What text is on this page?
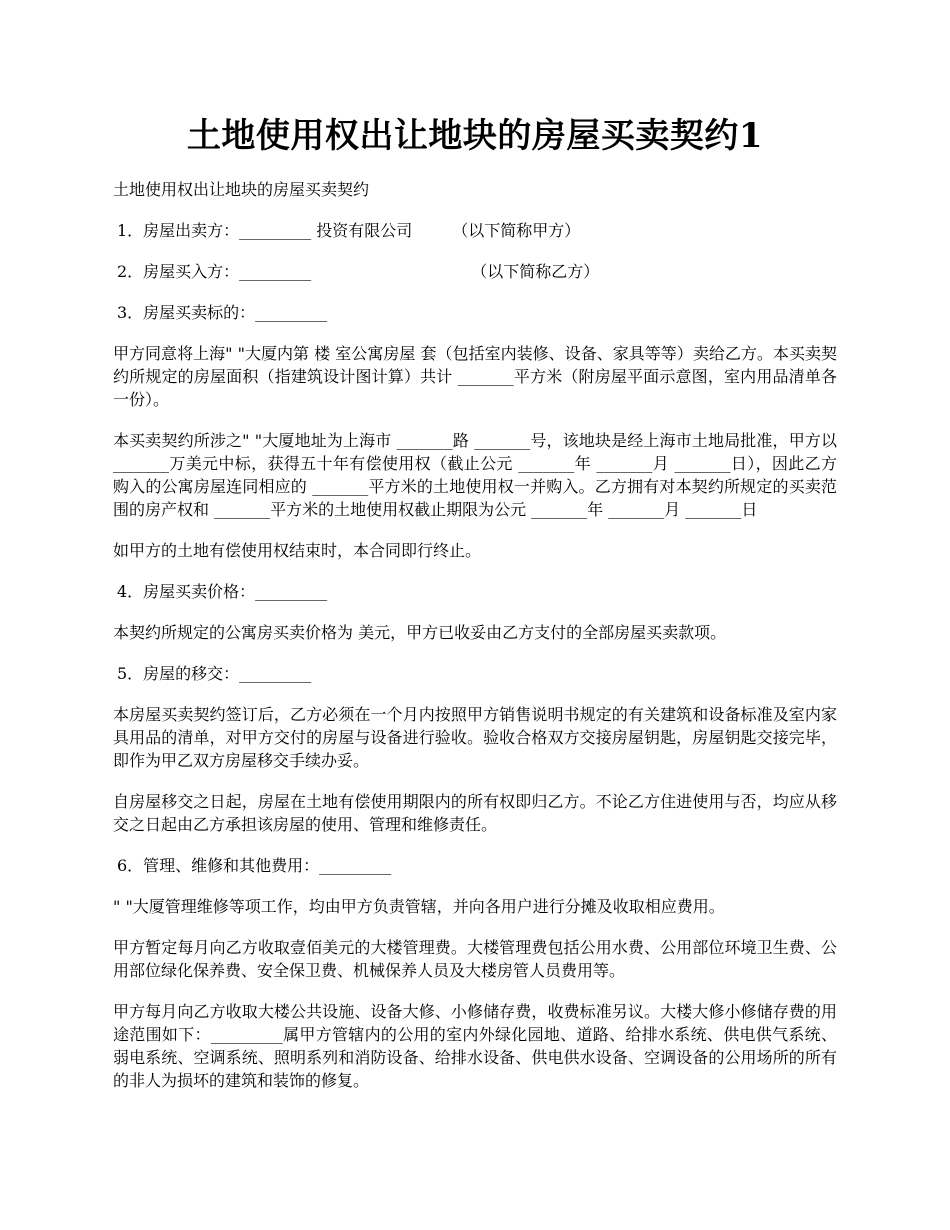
土地使用权出让地块的房屋买卖契约1

土地使用权出让地块的房屋买卖契约

1．房屋出卖方：_________ 投资有限公司	（以下简称甲方）

2．房屋买入方：_________	（以下简称乙方）

3．房屋买卖标的：_________

甲方同意将上海" "大厦内第 楼 室公寓房屋 套（包括室内装修、设备、家具等等）卖给乙方。本买卖契约所规定的房屋面积（指建筑设计图计算）共计 _______平方米（附房屋平面示意图，室内用品清单各一份）。

本买卖契约所涉之" "大厦地址为上海市 _______路 _______号，该地块是经上海市土地局批准，甲方以 _______万美元中标，获得五十年有偿使用权（截止公元 _______年 _______月 _______日），因此乙方购入的公寓房屋连同相应的 _______平方米的土地使用权一并购入。乙方拥有对本契约所规定的买卖范围的房产权和 _______平方米的土地使用权截止期限为公元 _______年 _______月 _______日

如甲方的土地有偿使用权结束时，本合同即行终止。

4．房屋买卖价格：_________

本契约所规定的公寓房买卖价格为 美元，甲方已收妥由乙方支付的全部房屋买卖款项。

5．房屋的移交：_________

本房屋买卖契约签订后，乙方必须在一个月内按照甲方销售说明书规定的有关建筑和设备标准及室内家具用品的清单，对甲方交付的房屋与设备进行验收。验收合格双方交接房屋钥匙，房屋钥匙交接完毕，即作为甲乙双方房屋移交手续办妥。

自房屋移交之日起，房屋在土地有偿使用期限内的所有权即归乙方。不论乙方住进使用与否，均应从移交之日起由乙方承担该房屋的使用、管理和维修责任。

6．管理、维修和其他费用：_________

" "大厦管理维修等项工作，均由甲方负责管辖，并向各用户进行分摊及收取相应费用。

甲方暂定每月向乙方收取壹佰美元的大楼管理费。大楼管理费包括公用水费、公用部位环境卫生费、公用部位绿化保养费、安全保卫费、机械保养人员及大楼房管人员费用等。

甲方每月向乙方收取大楼公共设施、设备大修、小修储存费，收费标准另议。大楼大修小修储存费的用途范围如下：_________属甲方管辖内的公用的室内外绿化园地、道路、给排水系统、供电供气系统、弱电系统、空调系统、照明系列和消防设备、给排水设备、供电供水设备、空调设备的公用场所的所有的非人为损坏的建筑和装饰的修复。
